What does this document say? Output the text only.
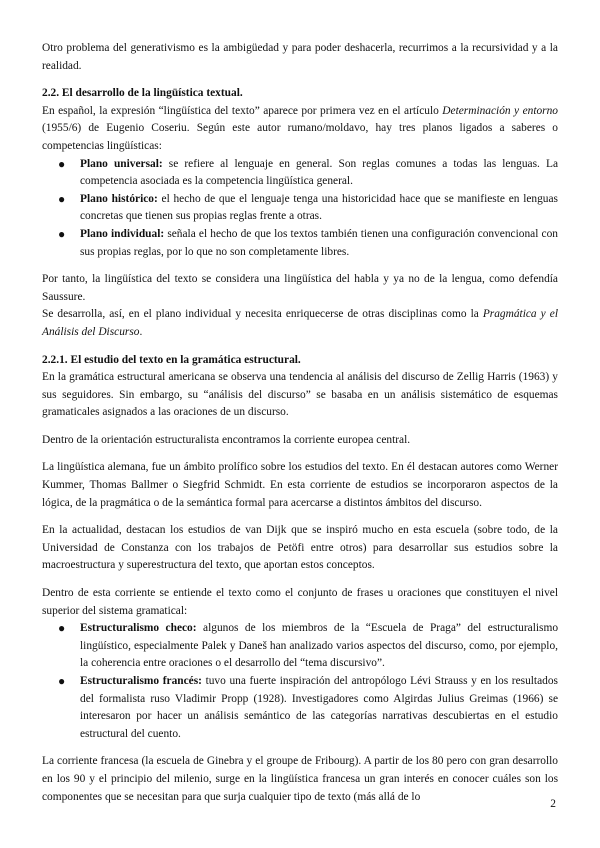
Otro problema del generativismo es la ambigüedad y para poder deshacerla, recurrimos a la recursividad y a la realidad.

2.2. El desarrollo de la lingüística textual.

En español, la expresión “lingüística del texto” aparece por primera vez en el artículo Determinación y entorno (1955/6) de Eugenio Coseriu. Según este autor rumano/moldavo, hay tres planos ligados a saberes o competencias lingüísticas:

● Plano universal: se refiere al lenguaje en general. Son reglas comunes a todas las lenguas. La competencia asociada es la competencia lingüística general.
● Plano histórico: el hecho de que el lenguaje tenga una historicidad hace que se manifieste en lenguas concretas que tienen sus propias reglas frente a otras.
● Plano individual: señala el hecho de que los textos también tienen una configuración convencional con sus propias reglas, por lo que no son completamente libres.

Por tanto, la lingüística del texto se considera una lingüística del habla y ya no de la lengua, como defendía Saussure.

Se desarrolla, así, en el plano individual y necesita enriquecerse de otras disciplinas como la Pragmática y el Análisis del Discurso.

2.2.1. El estudio del texto en la gramática estructural.

En la gramática estructural americana se observa una tendencia al análisis del discurso de Zellig Harris (1963) y sus seguidores. Sin embargo, su “análisis del discurso” se basaba en un análisis sistemático de esquemas gramaticales asignados a las oraciones de un discurso.

Dentro de la orientación estructuralista encontramos la corriente europea central.

La lingüística alemana, fue un ámbito prolífico sobre los estudios del texto. En él destacan autores como Werner Kummer, Thomas Ballmer o Siegfrid Schmidt. En esta corriente de estudios se incorporaron aspectos de la lógica, de la pragmática o de la semántica formal para acercarse a distintos ámbitos del discurso.

En la actualidad, destacan los estudios de van Dijk que se inspiró mucho en esta escuela (sobre todo, de la Universidad de Constanza con los trabajos de Petöfi entre otros) para desarrollar sus estudios sobre la macroestructura y superestructura del texto, que aportan estos conceptos.

Dentro de esta corriente se entiende el texto como el conjunto de frases u oraciones que constituyen el nivel superior del sistema gramatical:

● Estructuralismo checo: algunos de los miembros de la “Escuela de Praga” del estructuralismo lingüístico, especialmente Palek y Daneš han analizado varios aspectos del discurso, como, por ejemplo, la coherencia entre oraciones o el desarrollo del “tema discursivo”.
● Estructuralismo francés: tuvo una fuerte inspiración del antropólogo Lévi Strauss y en los resultados del formalista ruso Vladimir Propp (1928). Investigadores como Algirdas Julius Greimas (1966) se interesaron por hacer un análisis semántico de las categorías narrativas descubiertas en el estudio estructural del cuento.

La corriente francesa (la escuela de Ginebra y el groupe de Fribourg). A partir de los 80 pero con gran desarrollo en los 90 y el principio del milenio, surge en la lingüística francesa un gran interés en conocer cuáles son los componentes que se necesitan para que surja cualquier tipo de texto (más allá de lo

2
